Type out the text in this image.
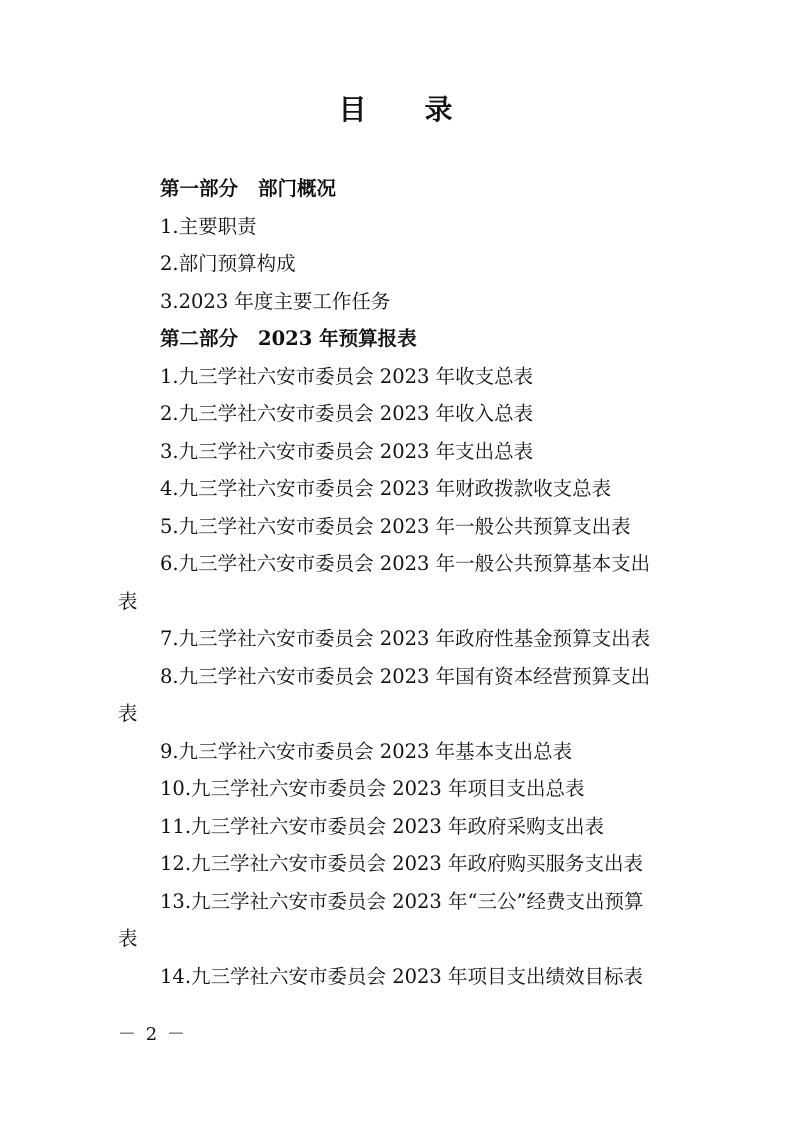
目 录
第一部分 部门概况
1.主要职责
2.部门预算构成
3.2023 年度主要工作任务
第二部分 2023 年预算报表
1.九三学社六安市委员会 2023 年收支总表
2.九三学社六安市委员会 2023 年收入总表
3.九三学社六安市委员会 2023 年支出总表
4.九三学社六安市委员会 2023 年财政拨款收支总表
5.九三学社六安市委员会 2023 年一般公共预算支出表
6.九三学社六安市委员会 2023 年一般公共预算基本支出
表
7.九三学社六安市委员会 2023 年政府性基金预算支出表
8.九三学社六安市委员会 2023 年国有资本经营预算支出
表
9.九三学社六安市委员会 2023 年基本支出总表
10.九三学社六安市委员会 2023 年项目支出总表
11.九三学社六安市委员会 2023 年政府采购支出表
12.九三学社六安市委员会 2023 年政府购买服务支出表
13.九三学社六安市委员会 2023 年“三公”经费支出预算
表
14.九三学社六安市委员会 2023 年项目支出绩效目标表
－ 2 －
